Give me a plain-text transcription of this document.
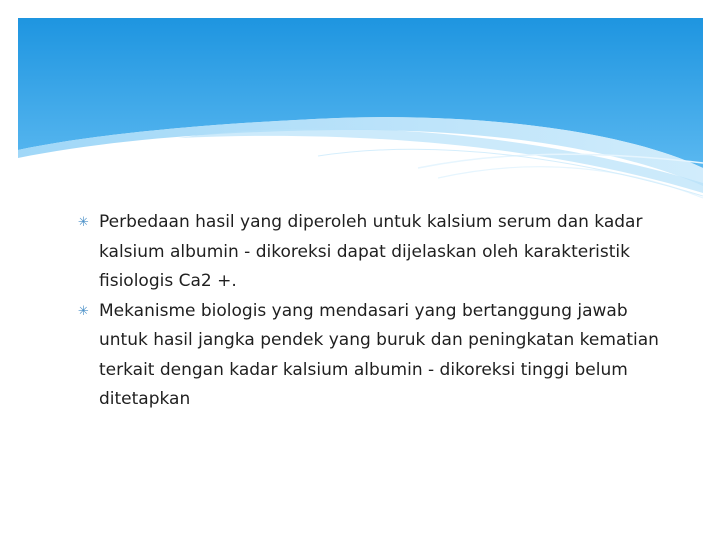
✳ Perbedaan hasil yang diperoleh untuk kalsium serum dan kadar kalsium albumin - dikoreksi dapat dijelaskan oleh karakteristik fisiologis Ca2 +.
✳ Mekanisme biologis yang mendasari yang bertanggung jawab untuk hasil jangka pendek yang buruk dan peningkatan kematian terkait dengan kadar kalsium albumin - dikoreksi tinggi belum ditetapkan
